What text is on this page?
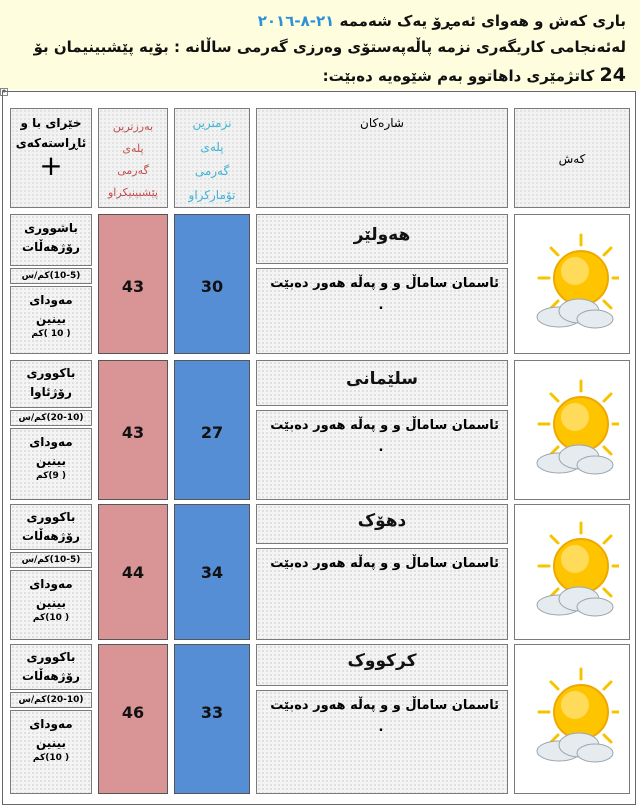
باری کەش و هەوای ئەمڕۆ یەک شەممە ٢١-٨-٢٠١٦
لەئەنجامی کاریگەری نزمە پاڵەپەستۆی وەرزی گەرمی ساڵانە : بۆیە پێشبینیمان بۆ
24 کاتژمێری داهاتوو بەم شێوەیە دەبێت:
+
کەش
شارەکان
نزمترین
پلەی
گەرمی
تۆمارکراو
بەرزترین
پلەی
گەرمی
پێشبینیکراو
خێرای با و
ئاڕاستەکەی
+
هەولێر
ئاسمان ساماڵ و و پەڵە هەور دەبێت
.
30
43
باشووری
رۆژهەڵات
(10-5)کم/س
مەودای
بینین
( 10 )کم
سلێمانی
ئاسمان ساماڵ و و پەڵە هەور دەبێت
.
27
43
باکووری
رۆژئاوا
(20-10)کم/س
مەودای
بینین
( 9)کم
دهۆک
ئاسمان ساماڵ و و پەڵە هەور دەبێت
34
44
باکووری
رۆژهەڵات
(10-5)کم/س
مەودای
بینین
( 10)کم
کرکووک
ئاسمان ساماڵ و و پەڵە هەور دەبێت
.
33
46
باکووری
رۆژهەڵات
(20-10)کم/س
مەودای
بینین
( 10)کم
